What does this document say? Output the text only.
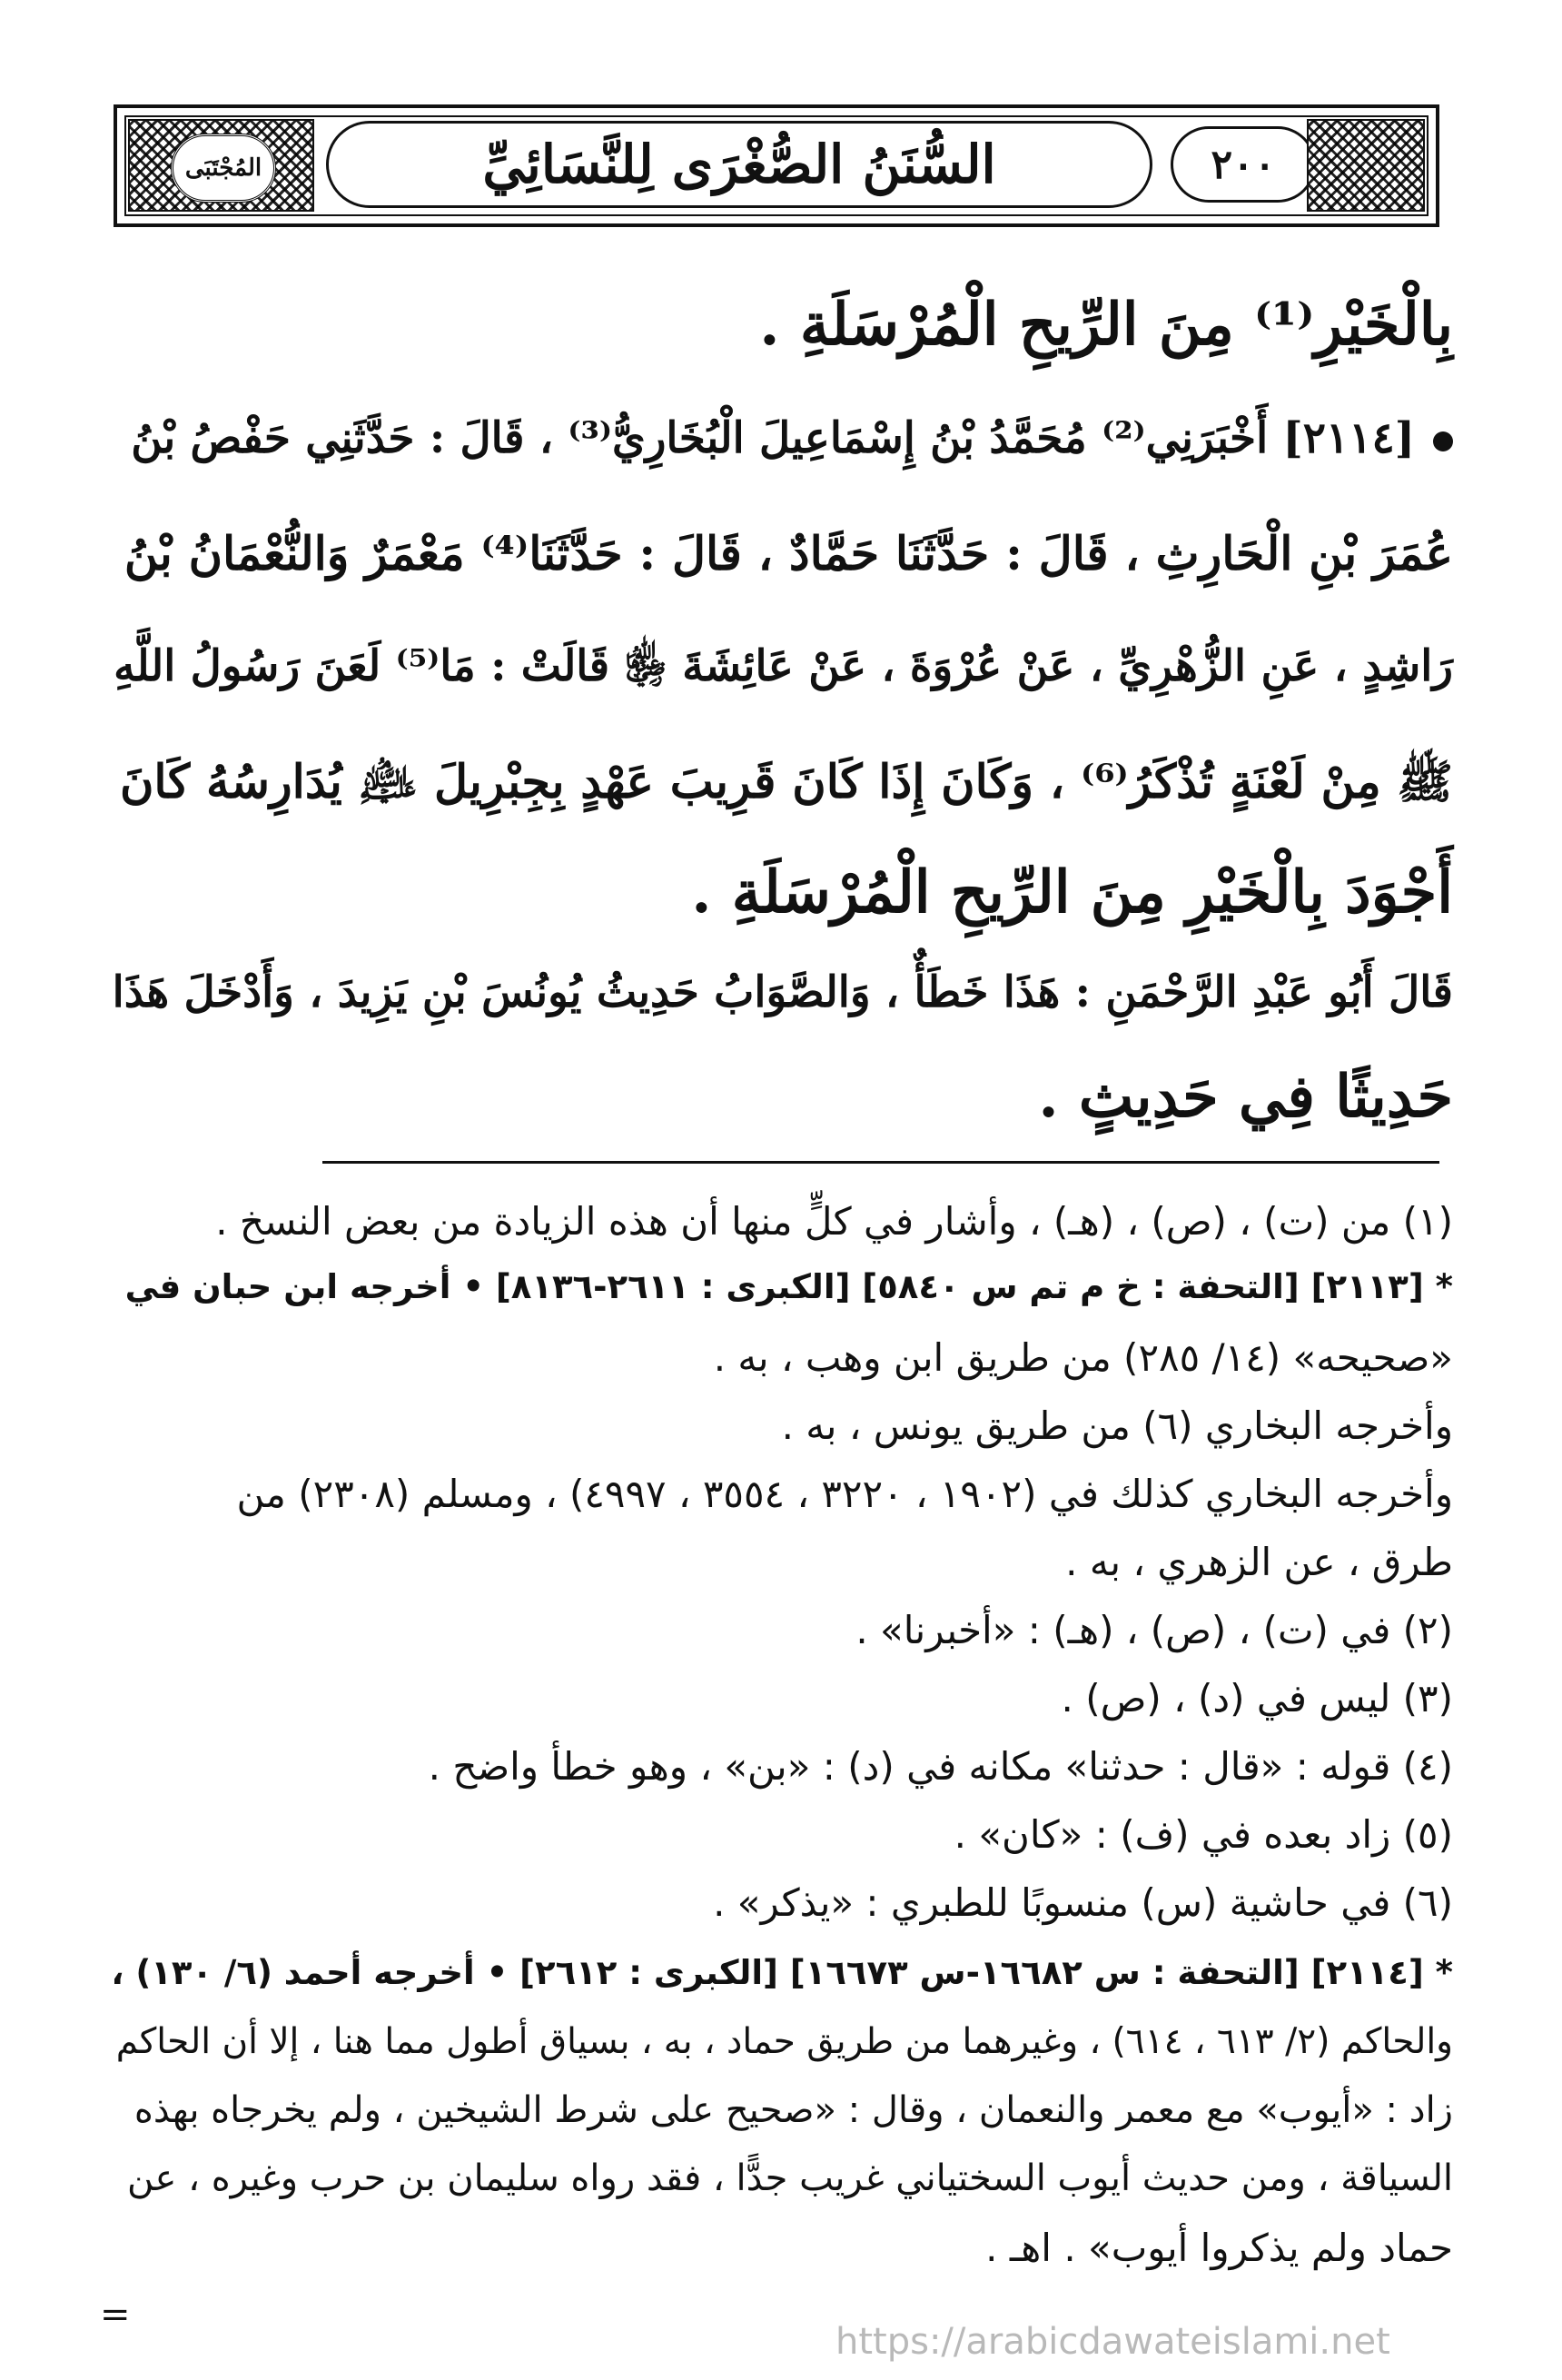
المُجْتَبَى	السُّنَنُ الصُّغْرَى لِلنَّسَائِيِّ	٢٠٠
بِالْخَيْرِ⁽¹⁾ مِنَ الرِّيحِ الْمُرْسَلَةِ .
[٢١١٤] أَخْبَرَنِي⁽²⁾ مُحَمَّدُ بْنُ إِسْمَاعِيلَ الْبُخَارِيُّ⁽³⁾ ، قَالَ : حَدَّثَنِي حَفْصُ بْنُ
عُمَرَ بْنِ الْحَارِثِ ، قَالَ : حَدَّثَنَا حَمَّادٌ ، قَالَ : حَدَّثَنَا⁽⁴⁾ مَعْمَرٌ وَالنُّعْمَانُ بْنُ
رَاشِدٍ ، عَنِ الزُّهْرِيِّ ، عَنْ عُرْوَةَ ، عَنْ عَائِشَةَ ﵂ قَالَتْ : مَا⁽⁵⁾ لَعَنَ رَسُولُ اللَّهِ
ﷺ مِنْ لَعْنَةٍ تُذْكَرُ⁽⁶⁾ ، وَكَانَ إِذَا كَانَ قَرِيبَ عَهْدٍ بِجِبْرِيلَ ﵇ يُدَارِسُهُ كَانَ
أَجْوَدَ بِالْخَيْرِ مِنَ الرِّيحِ الْمُرْسَلَةِ .
قَالَ أَبُو عَبْدِ الرَّحْمَنِ : هَذَا خَطَأٌ ، وَالصَّوَابُ حَدِيثُ يُونُسَ بْنِ يَزِيدَ ، وَأَدْخَلَ هَذَا
حَدِيثًا فِي حَدِيثٍ .
(١) من (ت) ، (ص) ، (هـ) ، وأشار في كلٍّ منها أن هذه الزيادة من بعض النسخ .
* [٢١١٣] [التحفة : خ م تم س ٥٨٤٠] [الكبرى : ٢٦١١-٨١٣٦] • أخرجه ابن حبان في
«صحيحه» (١٤/ ٢٨٥) من طريق ابن وهب ، به .
وأخرجه البخاري (٦) من طريق يونس ، به .
وأخرجه البخاري كذلك في (١٩٠٢ ، ٣٢٢٠ ، ٣٥٥٤ ، ٤٩٩٧) ، ومسلم (٢٣٠٨) من
طرق ، عن الزهري ، به .
(٢) في (ت) ، (ص) ، (هـ) : «أخبرنا» .
(٣) ليس في (د) ، (ص) .
(٤) قوله : «قال : حدثنا» مكانه في (د) : «بن» ، وهو خطأ واضح .
(٥) زاد بعده في (ف) : «كان» .
(٦) في حاشية (س) منسوبًا للطبري : «يذكر» .
* [٢١١٤] [التحفة : س ١٦٦٨٢-س ١٦٦٧٣] [الكبرى : ٢٦١٢] • أخرجه أحمد (٦/ ١٣٠) ،
والحاكم (٢/ ٦١٣ ، ٦١٤) ، وغيرهما من طريق حماد ، به ، بسياق أطول مما هنا ، إلا أن الحاكم
زاد : «أيوب» مع معمر والنعمان ، وقال : «صحيح على شرط الشيخين ، ولم يخرجاه بهذه
السياقة ، ومن حديث أيوب السختياني غريب جدًّا ، فقد رواه سليمان بن حرب وغيره ، عن
حماد ولم يذكروا أيوب» . اهـ .
=
https://arabicdawateislami.net
